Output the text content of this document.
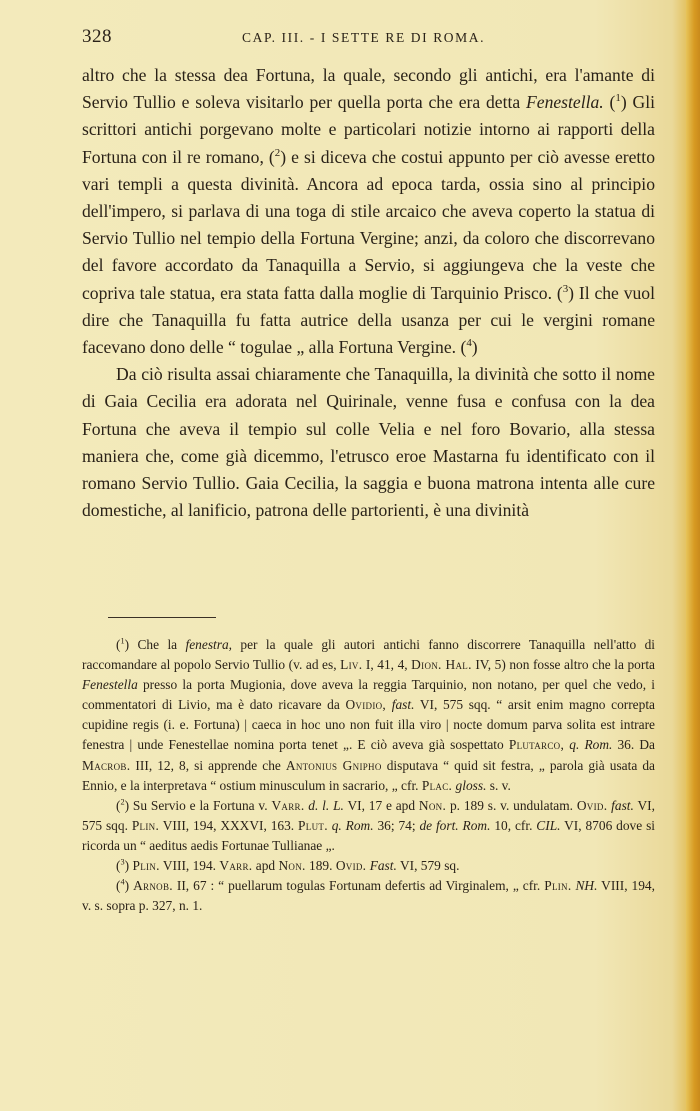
328	CAP. III. - I SETTE RE DI ROMA.

altro che la stessa dea Fortuna, la quale, secondo gli antichi, era l'amante di Servio Tullio e soleva visitarlo per quella porta che era detta Fenestella. ($^1$) Gli scrittori antichi porgevano molte e particolari notizie intorno ai rapporti della Fortuna con il re romano, ($^2$) e si diceva che costui appunto per ciò avesse eretto vari templi a questa divinità. Ancora ad epoca tarda, ossia sino al principio dell'impero, si parlava di una toga di stile arcaico che aveva coperto la statua di Servio Tullio nel tempio della Fortuna Vergine; anzi, da coloro che discorrevano del favore accordato da Tanaquilla a Servio, si aggiungeva che la veste che copriva tale statua, era stata fatta dalla moglie di Tarquinio Prisco. ($^3$) Il che vuol dire che Tanaquilla fu fatta autrice della usanza per cui le vergini romane facevano dono delle “ togulae „ alla Fortuna Vergine. ($^4$)

Da ciò risulta assai chiaramente che Tanaquilla, la divinità che sotto il nome di Gaia Cecilia era adorata nel Quirinale, venne fusa e confusa con la dea Fortuna che aveva il tempio sul colle Velia e nel foro Bovario, alla stessa maniera che, come già dicemmo, l'etrusco eroe Mastarna fu identificato con il romano Servio Tullio. Gaia Cecilia, la saggia e buona matrona intenta alle cure domestiche, al lanificio, patrona delle partorienti, è una divinità

($^1$) Che la fenestra, per la quale gli autori antichi fanno discorrere Tanaquilla nell'atto di raccomandare al popolo Servio Tullio (v. ad es, Liv. I, 41, 4, Dion. Hal. IV, 5) non fosse altro che la porta Fenestella presso la porta Mugionia, dove aveva la reggia Tarquinio, non notano, per quel che vedo, i commentatori di Livio, ma è dato ricavare da Ovidio, fast. VI, 575 sqq. “ arsit enim magno correpta cupidine regis (i. e. Fortuna) | caeca in hoc uno non fuit illa viro | nocte domum parva solita est intrare fenestra | unde Fenestellae nomina porta tenet „. E ciò aveva già sospettato Plutarco, q. Rom. 36. Da Macrob. III, 12, 8, si apprende che Antonius Gnipho disputava “ quid sit festra, „ parola già usata da Ennio, e la interpretava “ ostium minusculum in sacrario, „ cfr. Plac. gloss. s. v.

($^2$) Su Servio e la Fortuna v. Varr. d. l. L. VI, 17 e apd Non. p. 189 s. v. undulatam. Ovid. fast. VI, 575 sqq. Plin. VIII, 194, XXXVI, 163. Plut. q. Rom. 36; 74; de fort. Rom. 10, cfr. CIL. VI, 8706 dove si ricorda un “ aeditus aedis Fortunae Tullianae „.

($^3$) Plin. VIII, 194. Varr. apd Non. 189. Ovid. Fast. VI, 579 sq.

($^4$) Arnob. II, 67 : “ puellarum togulas Fortunam defertis ad Virginalem, „ cfr. Plin. NH. VIII, 194, v. s. sopra p. 327, n. 1.
